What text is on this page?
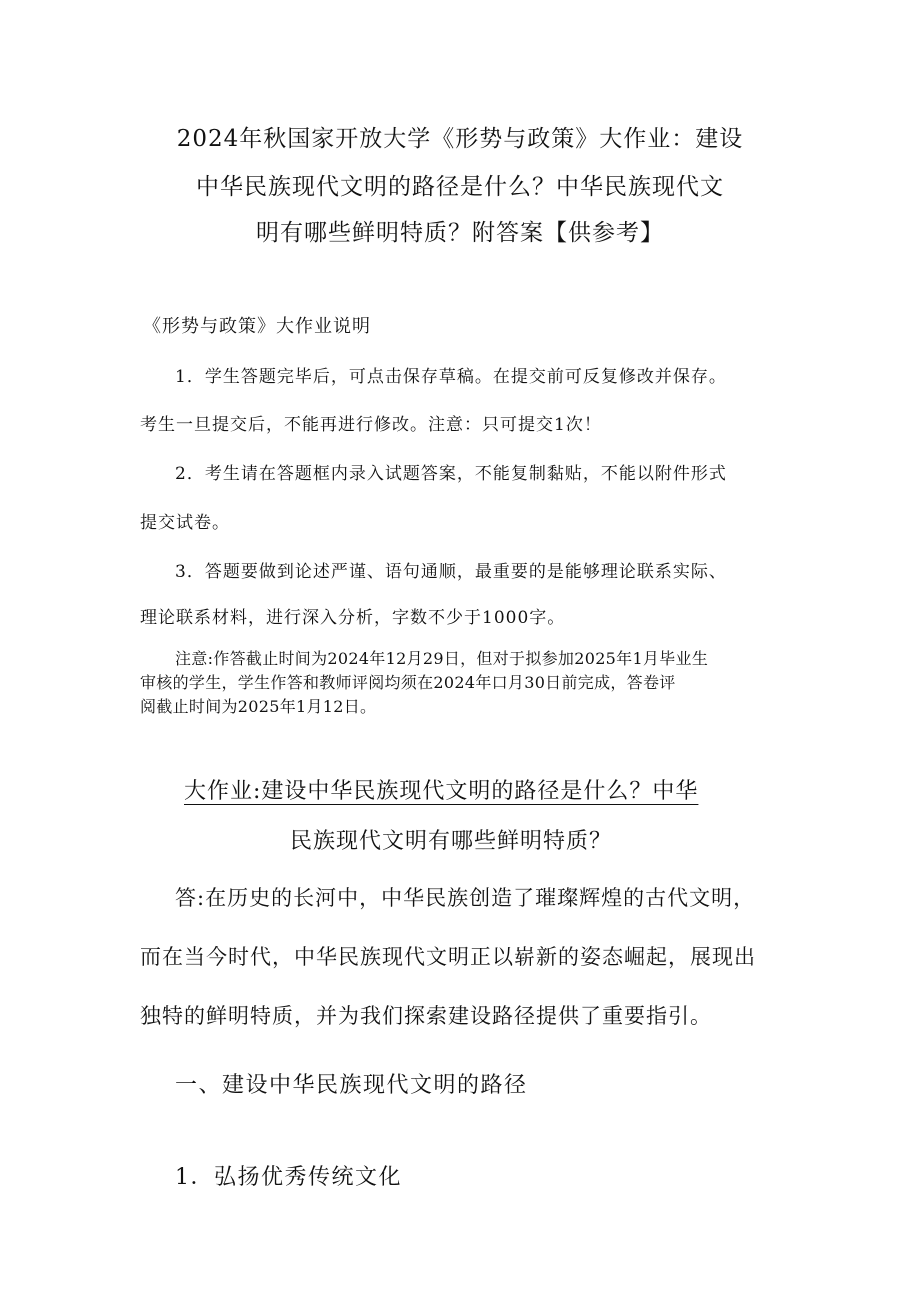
2024年秋国家开放大学《形势与政策》大作业：建设

中华民族现代文明的路径是什么？中华民族现代文

明有哪些鲜明特质？附答案【供参考】

《形势与政策》大作业说明

1．学生答题完毕后，可点击保存草稿。在提交前可反复修改并保存。

考生一旦提交后，不能再进行修改。注意：只可提交1次！

2．考生请在答题框内录入试题答案，不能复制黏贴，不能以附件形式

提交试卷。

3．答题要做到论述严谨、语句通顺，最重要的是能够理论联系实际、

理论联系材料，进行深入分析，字数不少于1000字。

注意:作答截止时间为2024年12月29日，但对于拟参加2025年1月毕业生

审核的学生，学生作答和教师评阅均须在2024年口月30日前完成，答卷评

阅截止时间为2025年1月12日。

大作业:建设中华民族现代文明的路径是什么？中华

民族现代文明有哪些鲜明特质？

答:在历史的长河中，中华民族创造了璀璨辉煌的古代文明，

而在当今时代，中华民族现代文明正以崭新的姿态崛起，展现出

独特的鲜明特质，并为我们探索建设路径提供了重要指引。

一、建设中华民族现代文明的路径

1．弘扬优秀传统文化
